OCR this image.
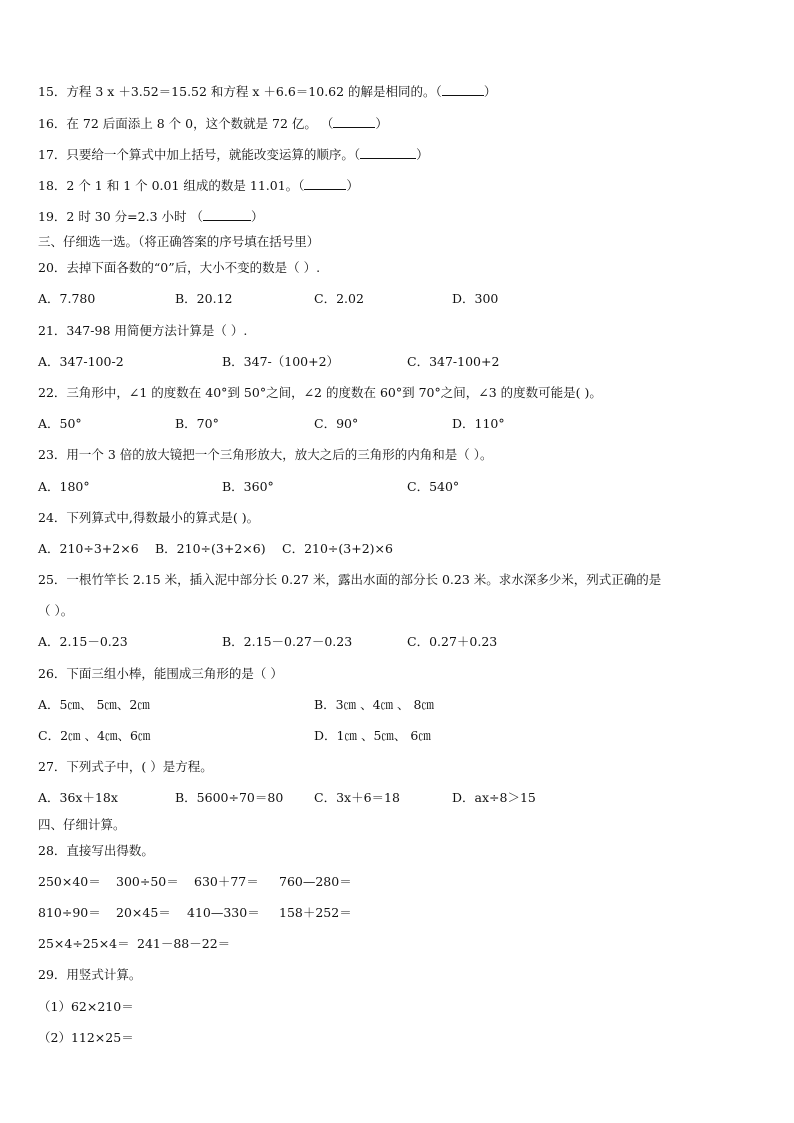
15．方程 3 x ＋3.52＝15.52 和方程 x ＋6.6＝10.62 的解是相同的。（	）
16．在 72 后面添上 8 个 0，这个数就是 72 亿。 （	）
17．只要给一个算式中加上括号，就能改变运算的顺序。（	）
18．2 个 1 和 1 个 0.01 组成的数是 11.01。（	）
19．2 时 30 分=2.3 小时 （	）
三、仔细选一选。（将正确答案的序号填在括号里）
20．去掉下面各数的“0”后，大小不变的数是（ ）.
A．7.780	B．20.12	C．2.02	D．300
21．347-98 用简便方法计算是（ ）.
A．347-100-2	B．347-（100+2）	C．347-100+2
22．三角形中，∠1 的度数在 40°到 50°之间，∠2 的度数在 60°到 70°之间，∠3 的度数可能是( )。
A．50°	B．70°	C．90°	D．110°
23．用一个 3 倍的放大镜把一个三角形放大，放大之后的三角形的内角和是（ ）。
A．180°	B．360°	C．540°
24．下列算式中,得数最小的算式是( )。
A．210÷3+2×6 B．210÷(3+2×6) C．210÷(3+2)×6
25．一根竹竿长 2.15 米，插入泥中部分长 0.27 米，露出水面的部分长 0.23 米。求水深多少米，列式正确的是
（ ）。
A．2.15－0.23	B．2.15－0.27－0.23	C．0.27＋0.23
26．下面三组小棒，能围成三角形的是（ ）
A．5㎝、 5㎝、2㎝	B．3㎝ 、4㎝ 、 8㎝
C．2㎝ 、4㎝、6㎝	D．1㎝ 、5㎝、 6㎝
27．下列式子中，( ）是方程。
A．36x＋18x	B．5600÷70＝80 C．3x＋6＝18	D．ax÷8＞15
四、仔细计算。
28．直接写出得数。
250×40＝ 300÷50＝ 630＋77＝ 760—280＝
810÷90＝ 20×45＝ 410—330＝ 158＋252＝
25×4÷25×4＝ 241－88－22＝
29．用竖式计算。
（1）62×210＝
（2）112×25＝
